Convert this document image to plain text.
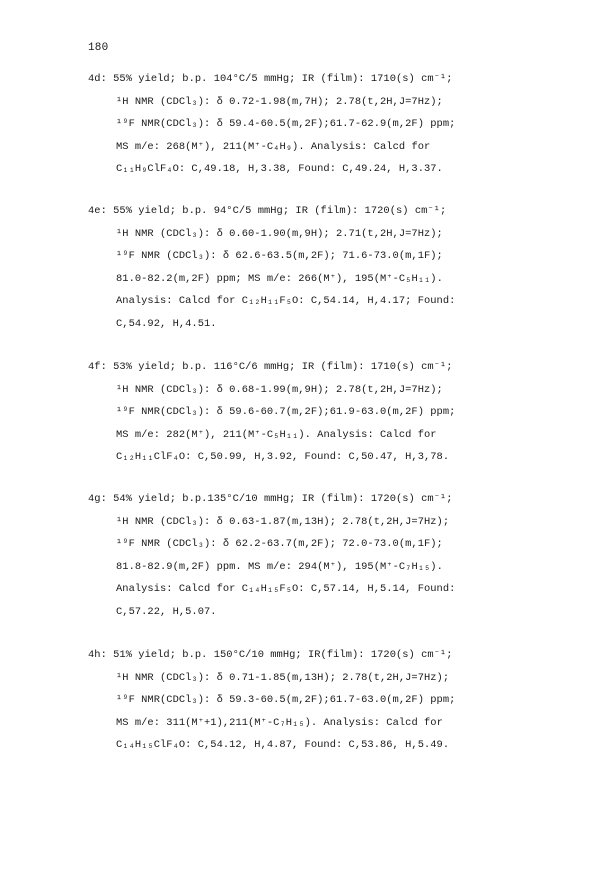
180
4d: 55% yield; b.p. 104°C/5 mmHg; IR (film): 1710(s) cm⁻¹;
¹H NMR (CDCl₃): δ 0.72-1.98(m,7H); 2.78(t,2H,J=7Hz);
¹⁹F NMR(CDCl₃): δ 59.4-60.5(m,2F);61.7-62.9(m,2F) ppm;
MS m/e: 268(M⁺), 211(M⁺-C₄H₉). Analysis: Calcd for
C₁₁H₉ClF₄O: C,49.18, H,3.38, Found: C,49.24, H,3.37.
4e: 55% yield; b.p. 94°C/5 mmHg; IR (film): 1720(s) cm⁻¹;
¹H NMR (CDCl₃): δ 0.60-1.90(m,9H); 2.71(t,2H,J=7Hz);
¹⁹F NMR (CDCl₃): δ 62.6-63.5(m,2F); 71.6-73.0(m,1F);
81.0-82.2(m,2F) ppm; MS m/e: 266(M⁺), 195(M⁺-C₅H₁₁).
Analysis: Calcd for C₁₂H₁₁F₅O: C,54.14, H,4.17; Found:
C,54.92, H,4.51.
4f: 53% yield; b.p. 116°C/6 mmHg; IR (film): 1710(s) cm⁻¹;
¹H NMR (CDCl₃): δ 0.68-1.99(m,9H); 2.78(t,2H,J=7Hz);
¹⁹F NMR(CDCl₃): δ 59.6-60.7(m,2F);61.9-63.0(m,2F) ppm;
MS m/e: 282(M⁺), 211(M⁺-C₅H₁₁). Analysis: Calcd for
C₁₂H₁₁ClF₄O: C,50.99, H,3.92, Found: C,50.47, H,3,78.
4g: 54% yield; b.p.135°C/10 mmHg; IR (film): 1720(s) cm⁻¹;
¹H NMR (CDCl₃): δ 0.63-1.87(m,13H); 2.78(t,2H,J=7Hz);
¹⁹F NMR (CDCl₃): δ 62.2-63.7(m,2F); 72.0-73.0(m,1F);
81.8-82.9(m,2F) ppm. MS m/e: 294(M⁺), 195(M⁺-C₇H₁₅).
Analysis: Calcd for C₁₄H₁₅F₅O: C,57.14, H,5.14, Found:
C,57.22, H,5.07.
4h: 51% yield; b.p. 150°C/10 mmHg; IR(film): 1720(s) cm⁻¹;
¹H NMR (CDCl₃): δ 0.71-1.85(m,13H); 2.78(t,2H,J=7Hz);
¹⁹F NMR(CDCl₃): δ 59.3-60.5(m,2F);61.7-63.0(m,2F) ppm;
MS m/e: 311(M⁺+1),211(M⁺-C₇H₁₅). Analysis: Calcd for
C₁₄H₁₅ClF₄O: C,54.12, H,4.87, Found: C,53.86, H,5.49.
